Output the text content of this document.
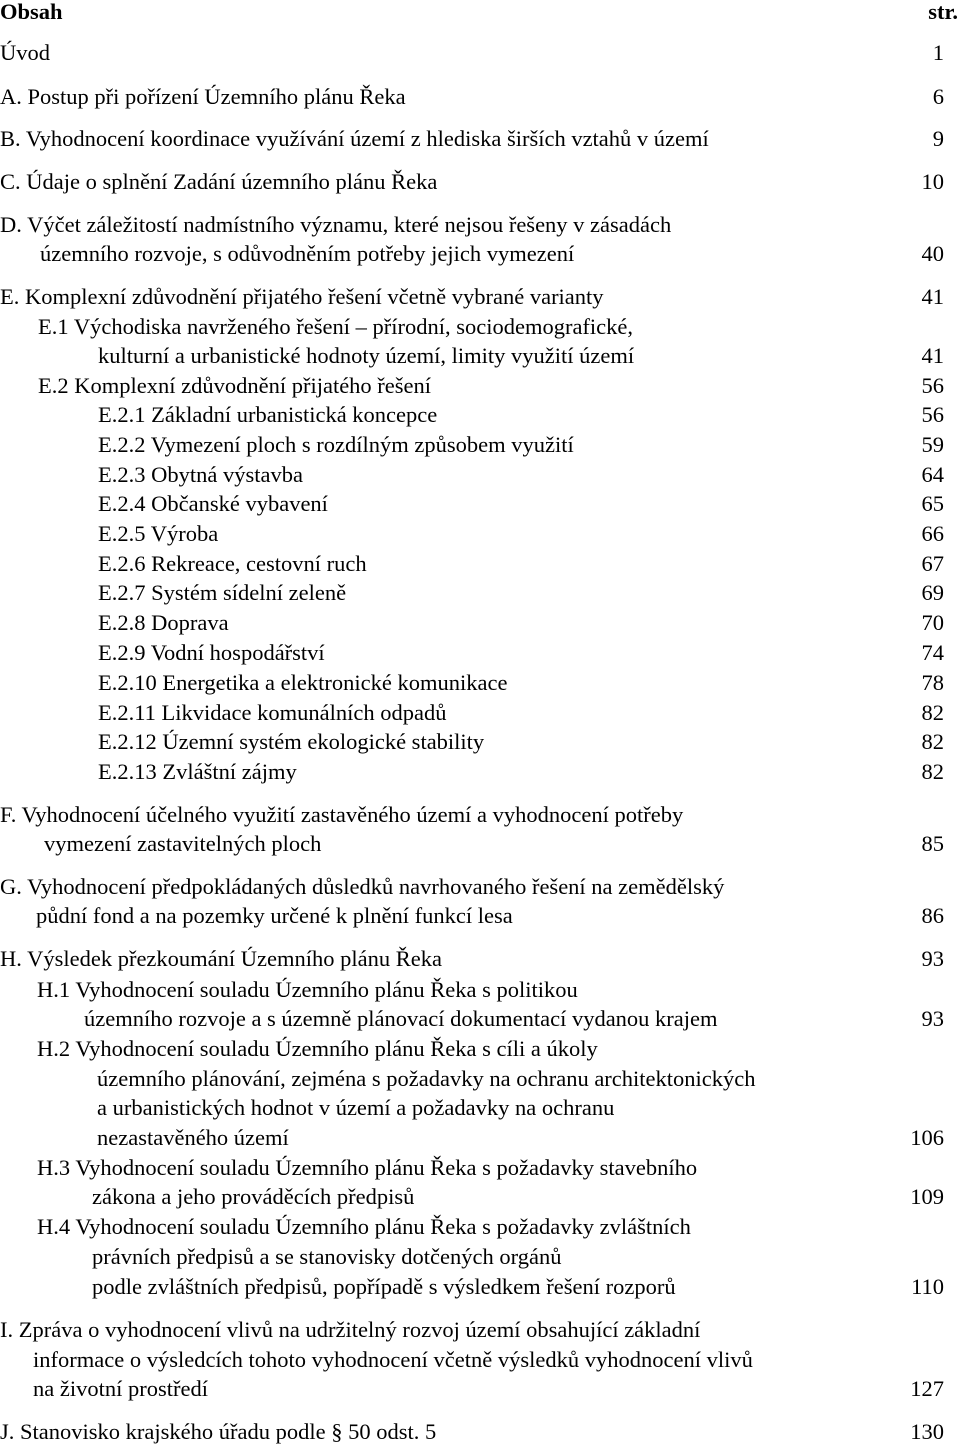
Obsah	str.
Úvod	1
A. Postup při pořízení Územního plánu Řeka	6
B. Vyhodnocení koordinace využívání území z hlediska širších vztahů v území	9
C. Údaje o splnění Zadání územního plánu Řeka	10
D. Výčet záležitostí nadmístního významu, které nejsou řešeny v zásadách
územního rozvoje, s odůvodněním potřeby jejich vymezení	40
E. Komplexní zdůvodnění přijatého řešení včetně vybrané varianty	41
E.1 Východiska navrženého řešení – přírodní, sociodemografické,
kulturní a urbanistické hodnoty území, limity využití území	41
E.2 Komplexní zdůvodnění přijatého řešení	56
E.2.1 Základní urbanistická koncepce	56
E.2.2 Vymezení ploch s rozdílným způsobem využití	59
E.2.3 Obytná výstavba	64
E.2.4 Občanské vybavení	65
E.2.5 Výroba	66
E.2.6 Rekreace, cestovní ruch	67
E.2.7 Systém sídelní zeleně	69
E.2.8 Doprava	70
E.2.9 Vodní hospodářství	74
E.2.10 Energetika a elektronické komunikace	78
E.2.11 Likvidace komunálních odpadů	82
E.2.12 Územní systém ekologické stability	82
E.2.13 Zvláštní zájmy	82
F. Vyhodnocení účelného využití zastavěného území a vyhodnocení potřeby
vymezení zastavitelných ploch	85
G. Vyhodnocení předpokládaných důsledků navrhovaného řešení na zemědělský
půdní fond a na pozemky určené k plnění funkcí lesa	86
H. Výsledek přezkoumání Územního plánu Řeka	93
H.1 Vyhodnocení souladu Územního plánu Řeka s politikou
územního rozvoje a s územně plánovací dokumentací vydanou krajem	93
H.2 Vyhodnocení souladu Územního plánu Řeka s cíli a úkoly
územního plánování, zejména s požadavky na ochranu architektonických
a urbanistických hodnot v území a požadavky na ochranu
nezastavěného území	106
H.3 Vyhodnocení souladu Územního plánu Řeka s požadavky stavebního
zákona a jeho prováděcích předpisů	109
H.4 Vyhodnocení souladu Územního plánu Řeka s požadavky zvláštních
právních předpisů a se stanovisky dotčených orgánů
podle zvláštních předpisů, popřípadě s výsledkem řešení rozporů	110
I. Zpráva o vyhodnocení vlivů na udržitelný rozvoj území obsahující základní
informace o výsledcích tohoto vyhodnocení včetně výsledků vyhodnocení vlivů
na životní prostředí	127
J. Stanovisko krajského úřadu podle § 50 odst. 5	130
